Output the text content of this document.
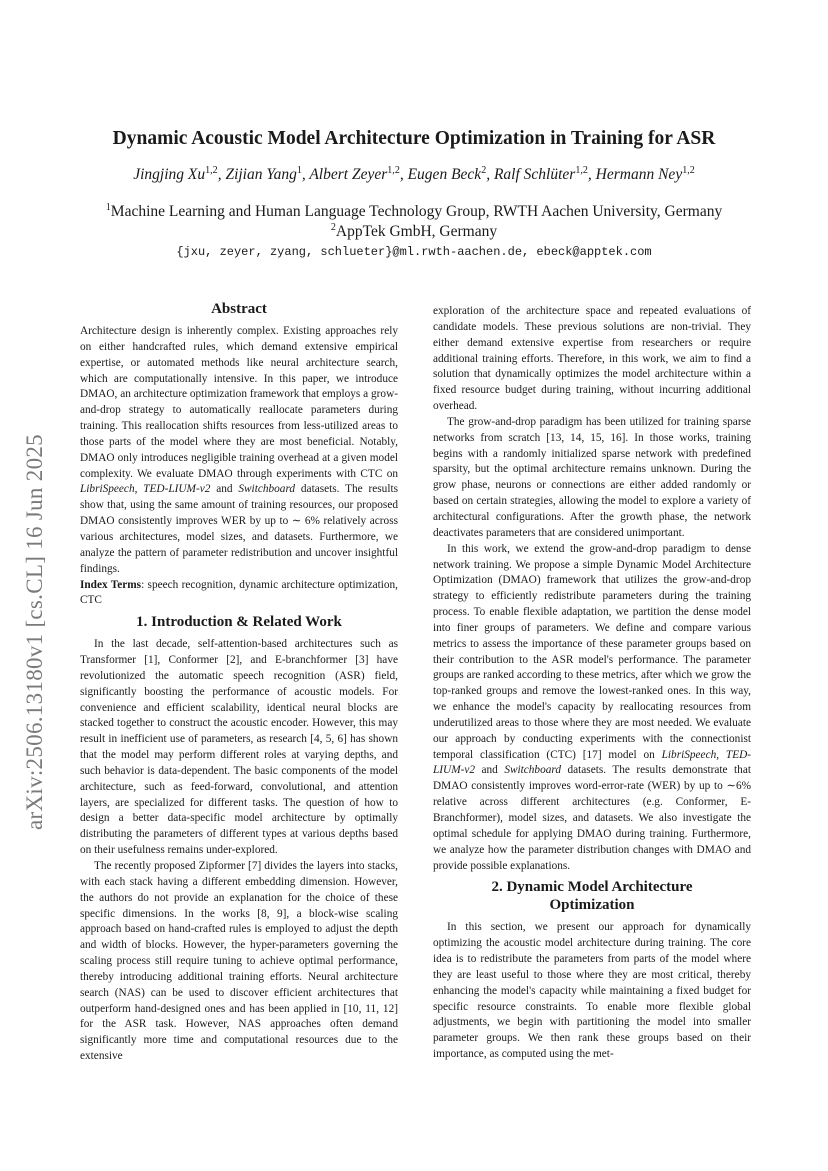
arXiv:2506.13180v1 [cs.CL] 16 Jun 2025
Dynamic Acoustic Model Architecture Optimization in Training for ASR
Jingjing Xu$^{1,2}$, Zijian Yang$^1$, Albert Zeyer$^{1,2}$, Eugen Beck$^2$, Ralf Schlüter$^{1,2}$, Hermann Ney$^{1,2}$
$^1$Machine Learning and Human Language Technology Group, RWTH Aachen University, Germany
$^2$AppTek GmbH, Germany
{jxu, zeyer, zyang, schlueter}@ml.rwth-aachen.de, ebeck@apptek.com
Abstract

Architecture design is inherently complex. Existing approaches rely on either handcrafted rules, which demand extensive empirical expertise, or automated methods like neural architecture search, which are computationally intensive. In this paper, we introduce DMAO, an architecture optimization framework that employs a grow-and-drop strategy to automatically reallocate parameters during training. This reallocation shifts resources from less-utilized areas to those parts of the model where they are most beneficial. Notably, DMAO only introduces negligible training overhead at a given model complexity. We evaluate DMAO through experiments with CTC on LibriSpeech, TED-LIUM-v2 and Switchboard datasets. The results show that, using the same amount of training resources, our proposed DMAO consistently improves WER by up to ∼ 6% relatively across various architectures, model sizes, and datasets. Furthermore, we analyze the pattern of parameter redistribution and uncover insightful findings.

Index Terms: speech recognition, dynamic architecture optimization, CTC

1. Introduction & Related Work

In the last decade, self-attention-based architectures such as Transformer [1], Conformer [2], and E-branchformer [3] have revolutionized the automatic speech recognition (ASR) field, significantly boosting the performance of acoustic models. For convenience and efficient scalability, identical neural blocks are stacked together to construct the acoustic encoder. However, this may result in inefficient use of parameters, as research [4, 5, 6] has shown that the model may perform different roles at varying depths, and such behavior is data-dependent. The basic components of the model architecture, such as feed-forward, convolutional, and attention layers, are specialized for different tasks. The question of how to design a better data-specific model architecture by optimally distributing the parameters of different types at various depths based on their usefulness remains under-explored.

The recently proposed Zipformer [7] divides the layers into stacks, with each stack having a different embedding dimension. However, the authors do not provide an explanation for the choice of these specific dimensions. In the works [8, 9], a block-wise scaling approach based on hand-crafted rules is employed to adjust the depth and width of blocks. However, the hyper-parameters governing the scaling process still require tuning to achieve optimal performance, thereby introducing additional training efforts. Neural architecture search (NAS) can be used to discover efficient architectures that outperform hand-designed ones and has been applied in [10, 11, 12] for the ASR task. However, NAS approaches often demand significantly more time and computational resources due to the extensive

exploration of the architecture space and repeated evaluations of candidate models. These previous solutions are non-trivial. They either demand extensive expertise from researchers or require additional training efforts. Therefore, in this work, we aim to find a solution that dynamically optimizes the model architecture within a fixed resource budget during training, without incurring additional overhead.

The grow-and-drop paradigm has been utilized for training sparse networks from scratch [13, 14, 15, 16]. In those works, training begins with a randomly initialized sparse network with predefined sparsity, but the optimal architecture remains unknown. During the grow phase, neurons or connections are either added randomly or based on certain strategies, allowing the model to explore a variety of architectural configurations. After the growth phase, the network deactivates parameters that are considered unimportant.

In this work, we extend the grow-and-drop paradigm to dense network training. We propose a simple Dynamic Model Architecture Optimization (DMAO) framework that utilizes the grow-and-drop strategy to efficiently redistribute parameters during the training process. To enable flexible adaptation, we partition the dense model into finer groups of parameters. We define and compare various metrics to assess the importance of these parameter groups based on their contribution to the ASR model's performance. The parameter groups are ranked according to these metrics, after which we grow the top-ranked groups and remove the lowest-ranked ones. In this way, we enhance the model's capacity by reallocating resources from underutilized areas to those where they are most needed. We evaluate our approach by conducting experiments with the connectionist temporal classification (CTC) [17] model on LibriSpeech, TED-LIUM-v2 and Switchboard datasets. The results demonstrate that DMAO consistently improves word-error-rate (WER) by up to ∼6% relative across different architectures (e.g. Conformer, E-Branchformer), model sizes, and datasets. We also investigate the optimal schedule for applying DMAO during training. Furthermore, we analyze how the parameter distribution changes with DMAO and provide possible explanations.

2. Dynamic Model Architecture
Optimization

In this section, we present our approach for dynamically optimizing the acoustic model architecture during training. The core idea is to redistribute the parameters from parts of the model where they are least useful to those where they are most critical, thereby enhancing the model's capacity while maintaining a fixed budget for specific resource constraints. To enable more flexible global adjustments, we begin with partitioning the model into smaller parameter groups. We then rank these groups based on their importance, as computed using the met-
